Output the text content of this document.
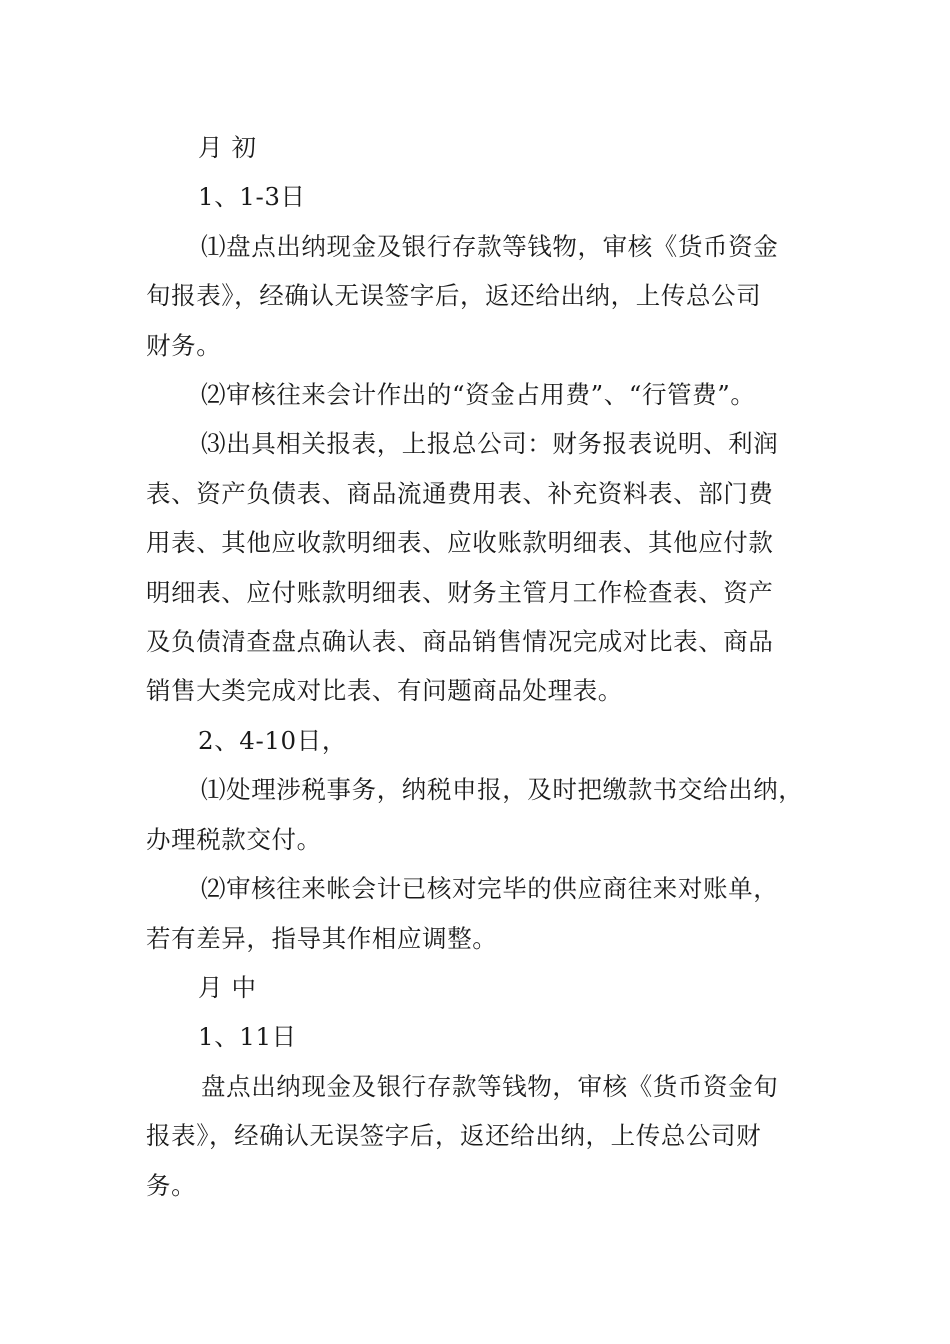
月 初
1、1-3日
⑴盘点出纳现金及银行存款等钱物，审核《货币资金
旬报表》，经确认无误签字后，返还给出纳，上传总公司
财务。
⑵审核往来会计作出的“资金占用费”、“行管费”。
⑶出具相关报表，上报总公司：财务报表说明、利润
表、资产负债表、商品流通费用表、补充资料表、部门费
用表、其他应收款明细表、应收账款明细表、其他应付款
明细表、应付账款明细表、财务主管月工作检查表、资产
及负债清查盘点确认表、商品销售情况完成对比表、商品
销售大类完成对比表、有问题商品处理表。
2、4-10日，
⑴处理涉税事务，纳税申报，及时把缴款书交给出纳，
办理税款交付。
⑵审核往来帐会计已核对完毕的供应商往来对账单，
若有差异，指导其作相应调整。
月 中
1、11日
盘点出纳现金及银行存款等钱物，审核《货币资金旬
报表》，经确认无误签字后，返还给出纳，上传总公司财
务。
